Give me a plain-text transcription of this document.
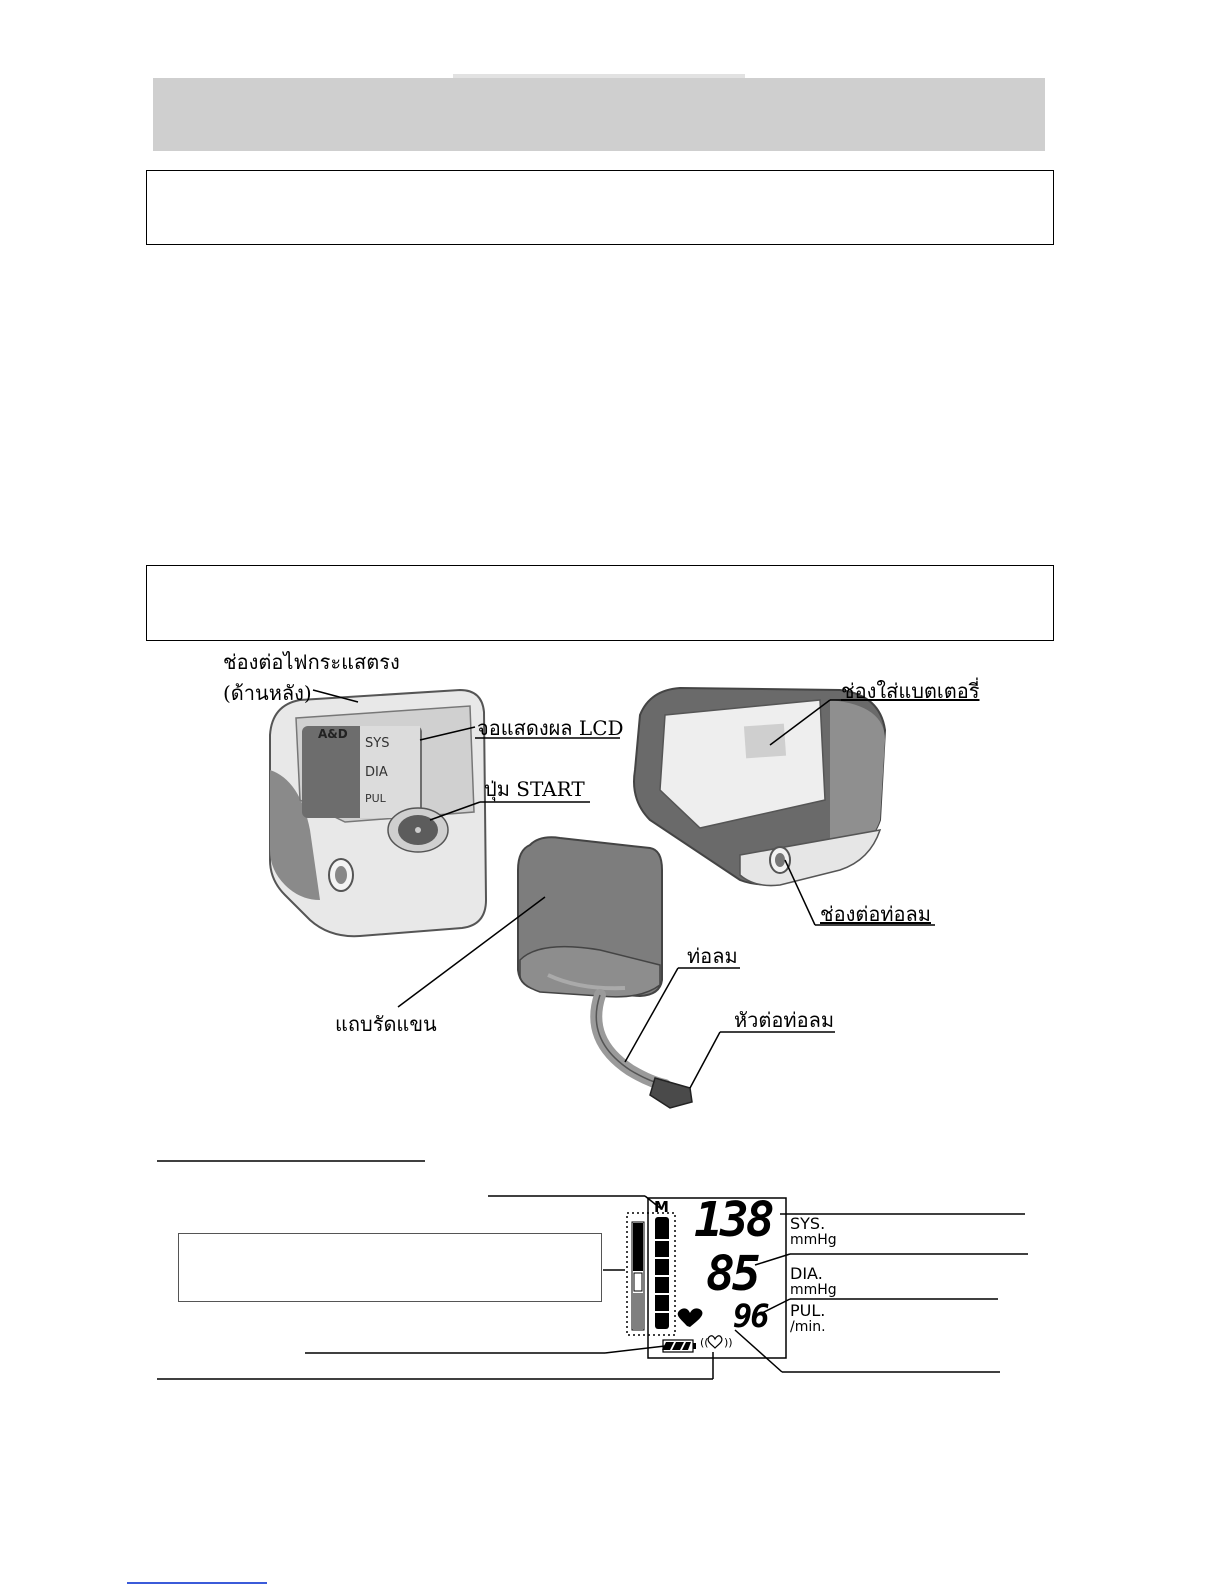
SYS
DIA
PUL
A&D
(( ))
ช่องต่อไฟกระแสตรง
(ด้านหลัง)	ช่องใส่แบตเตอรี่
จอแสดงผล LCD
ปุ่ม START
ช่องต่อท่อลม
ท่อลม
แถบรัดแขน	หัวต่อท่อลม
M 138
85
96
SYS.
mmHg
DIA.
mmHg
PUL.
/min.
